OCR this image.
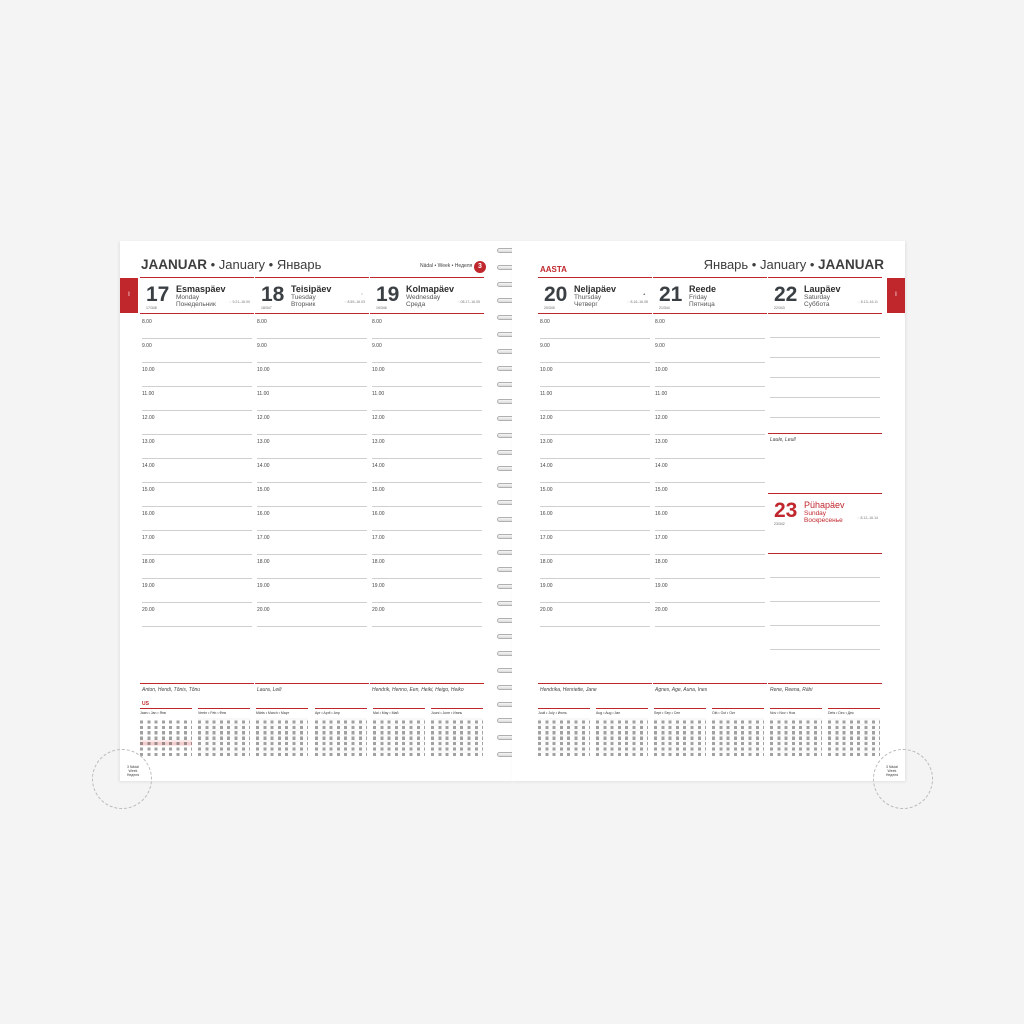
JAANUAR • January • Январь	Nädal • Week • Неделя 3
I 17 Esmaspäev
Monday
Понедельник
17/348
◌ 9.21–16.00
Anton, Hendi, Tõnis, Tõnu
US
8.00
9.00
10.00
11.00
12.00
13.00
14.00
15.00
16.00
17.00
18.00
19.00
20.00
18 Teisipäev
Tuesday
Вторник
18/347
○
◌ 8.59–16.03
Laura, Leili
8.00
9.00
10.00
11.00
12.00
13.00
14.00
15.00
16.00
17.00
18.00
19.00
20.00
19 Kolmapäev
Wednesday
Среда
19/346
◌ 08.17–16.05
Hendrik, Henno, Een, Heiki, Heigo, Heiko
8.00
9.00
10.00
11.00
12.00
13.00
14.00
15.00
16.00
17.00
18.00
19.00
20.00
Jaan • Jan • Янв	Veebr • Feb • Фев	Märts • March • Март	Apr • April • Апр	Mai • May • Май	Juuni • June • Июнь
3 Nädal Week Неделя
AASTA	Январь • January • JAANUAR
I
20 Neljapäev
Thursday
Четверг
20/345
▲
◌ 8.16–16.08
Hendrika, Henriette, Jane
8.00
9.00
10.00
11.00
12.00
13.00
14.00
15.00
16.00
17.00
18.00
19.00
20.00
21 Reede
Friday
Пятница
21/344
Agnes, Age, Auna, Ines
8.00
9.00
10.00
11.00
12.00
13.00
14.00
15.00
16.00
17.00
18.00
19.00
20.00
22 Laupäev
Saturday
Суббота
22/343
◌ 8.13–16.11
Laule, Leull
23 Pühapäev
Sunday
Воскресенье
23/342
◌ 8.12–16.14
Rene, Reena, Rähi
Juuli • July • Июль	Aug • Aug • Авг	Sept • Sep • Сен	Okt • Oct • Окт	Nov • Nov • Ноя	Dets • Dec • Дек
3 Nädal Week Неделя
